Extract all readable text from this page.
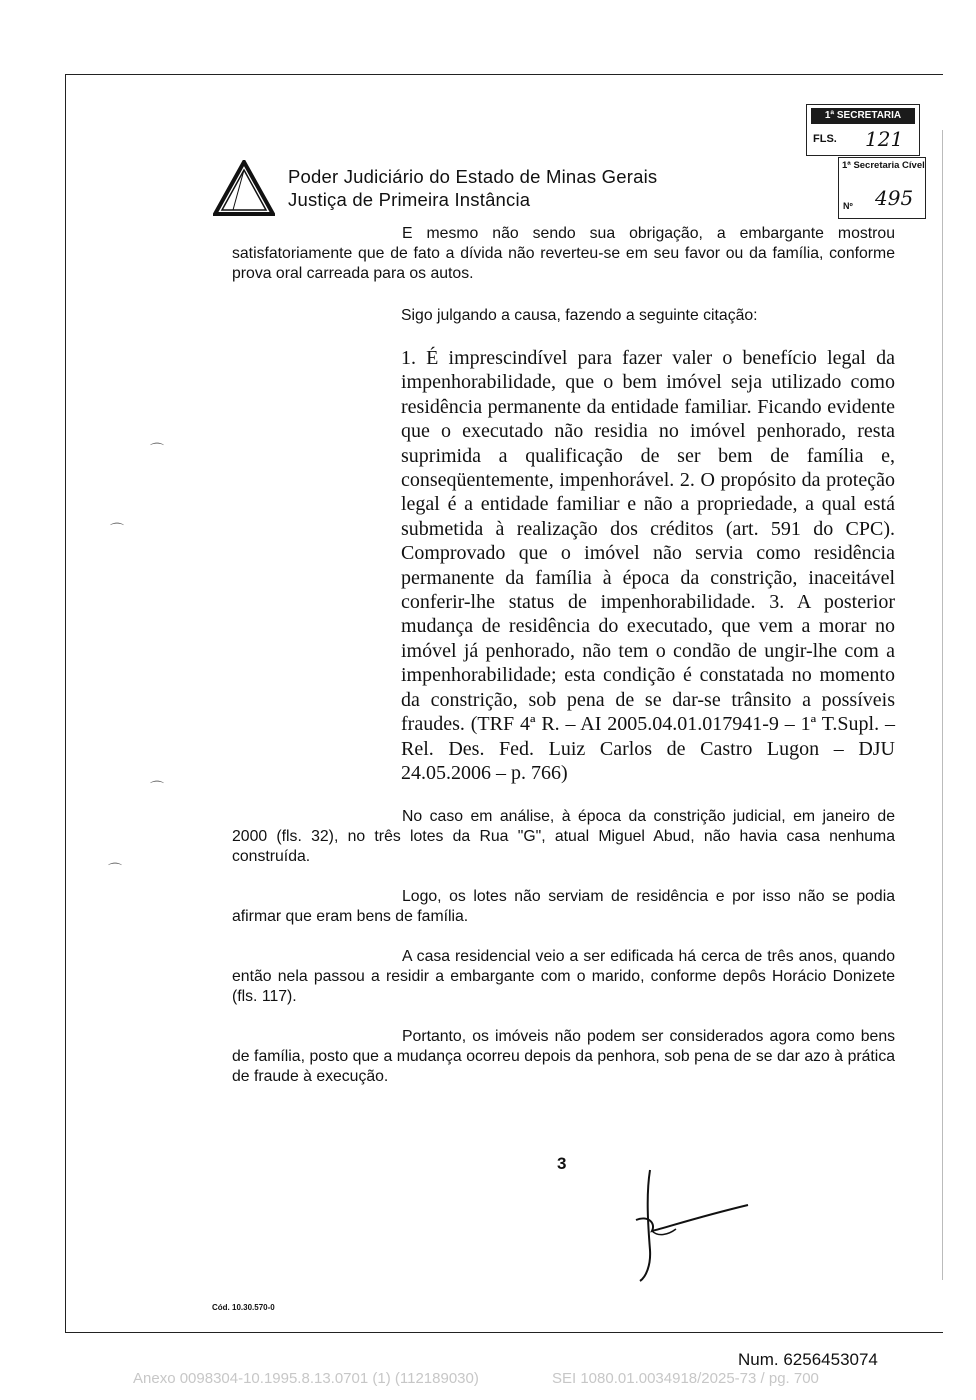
Poder Judiciário do Estado de Minas Gerais
Justiça de Primeira Instância
1ª SECRETARIA
FLS. 121
1ª Secretaria Cível
Nº 495
E mesmo não sendo sua obrigação, a embargante mostrou satisfatoriamente que de fato a dívida não reverteu-se em seu favor ou da família, conforme prova oral carreada para os autos.
Sigo julgando a causa, fazendo a seguinte citação:
1. É imprescindível para fazer valer o benefício legal da impenhorabilidade, que o bem imóvel seja utilizado como residência permanente da entidade familiar. Ficando evidente que o executado não residia no imóvel penhorado, resta suprimida a qualificação de ser bem de família e, conseqüentemente, impenhorável. 2. O propósito da proteção legal é a entidade familiar e não a propriedade, a qual está submetida à realização dos créditos (art. 591 do CPC). Comprovado que o imóvel não servia como residência permanente da família à época da constrição, inaceitável conferir-lhe status de impenhorabilidade. 3. A posterior mudança de residência do executado, que vem a morar no imóvel já penhorado, não tem o condão de ungir-lhe com a impenhorabilidade; esta condição é constatada no momento da constrição, sob pena de se dar-se trânsito a possíveis fraudes. (TRF 4ª R. – AI 2005.04.01.017941-9 – 1ª T.Supl. – Rel. Des. Fed. Luiz Carlos de Castro Lugon – DJU 24.05.2006 – p. 766)
No caso em análise, à época da constrição judicial, em janeiro de 2000 (fls. 32), no três lotes da Rua "G", atual Miguel Abud, não havia casa nenhuma construída.
Logo, os lotes não serviam de residência e por isso não se podia afirmar que eram bens de família.
A casa residencial veio a ser edificada há cerca de três anos, quando então nela passou a residir a embargante com o marido, conforme depôs Horácio Donizete (fls. 117).
Portanto, os imóveis não podem ser considerados agora como bens de família, posto que a mudança ocorreu depois da penhora, sob pena de se dar azo à prática de fraude à execução.
3
Cód. 10.30.570-0
Num. 6256453074
Anexo 0098304-10.1995.8.13.0701 (1) (112189030)	SEI 1080.01.0034918/2025-73 / pg. 700
⌒
⌒
⌒
⌒
